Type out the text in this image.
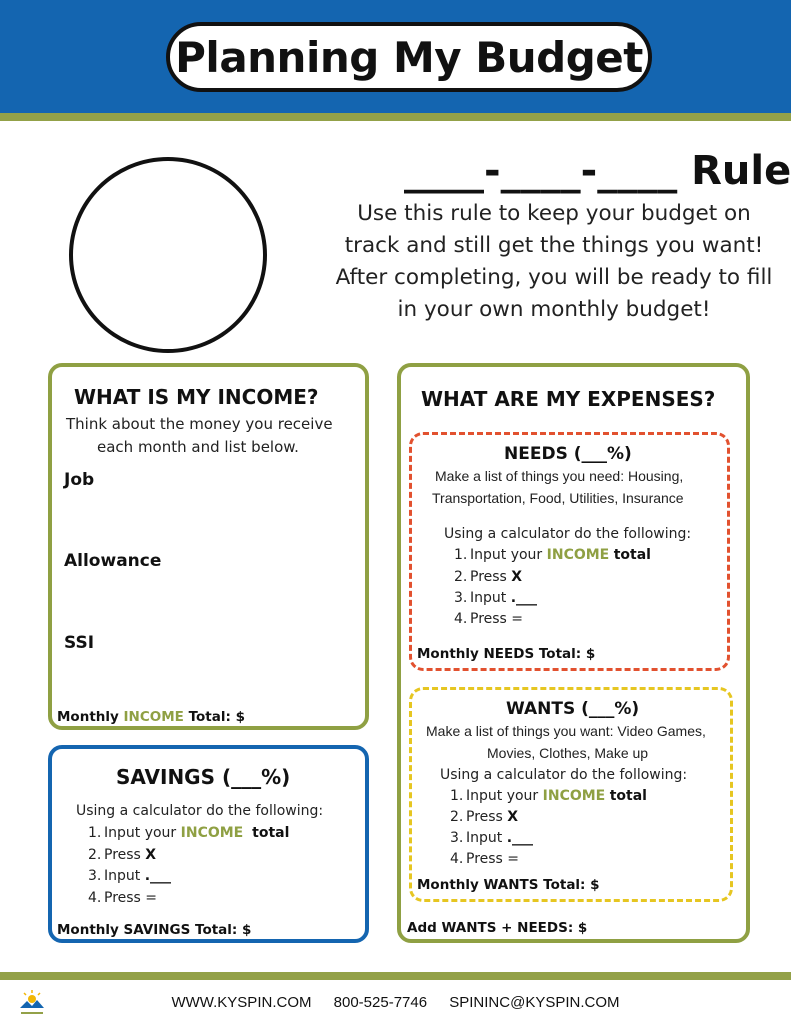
Planning My Budget
____-____-____ Rule
Use this rule to keep your budget on track and still get the things you want! After completing, you will be ready to fill in your own monthly budget!
WHAT IS MY INCOME?
Think about the money you receive
each month and list below.
Job
Allowance
SSI
Monthly INCOME Total: $
SAVINGS (___%)
Using a calculator do the following:
1. Input your INCOME total
2. Press X
3. Input .___
4. Press =
Monthly SAVINGS Total: $
WHAT ARE MY EXPENSES?
Add WANTS + NEEDS: $
NEEDS (___%)
Make a list of things you need: Housing,
Transportation, Food, Utilities, Insurance
Using a calculator do the following:
1. Input your INCOME total
2. Press X
3. Input .___
4. Press =
Monthly NEEDS Total: $
WANTS (___%)
Make a list of things you want: Video Games,
Movies, Clothes, Make up
Using a calculator do the following:
1. Input your INCOME total
2. Press X
3. Input .___
4. Press =
Monthly WANTS Total: $
WWW.KYSPIN.COM 800-525-7746 SPININC@KYSPIN.COM
